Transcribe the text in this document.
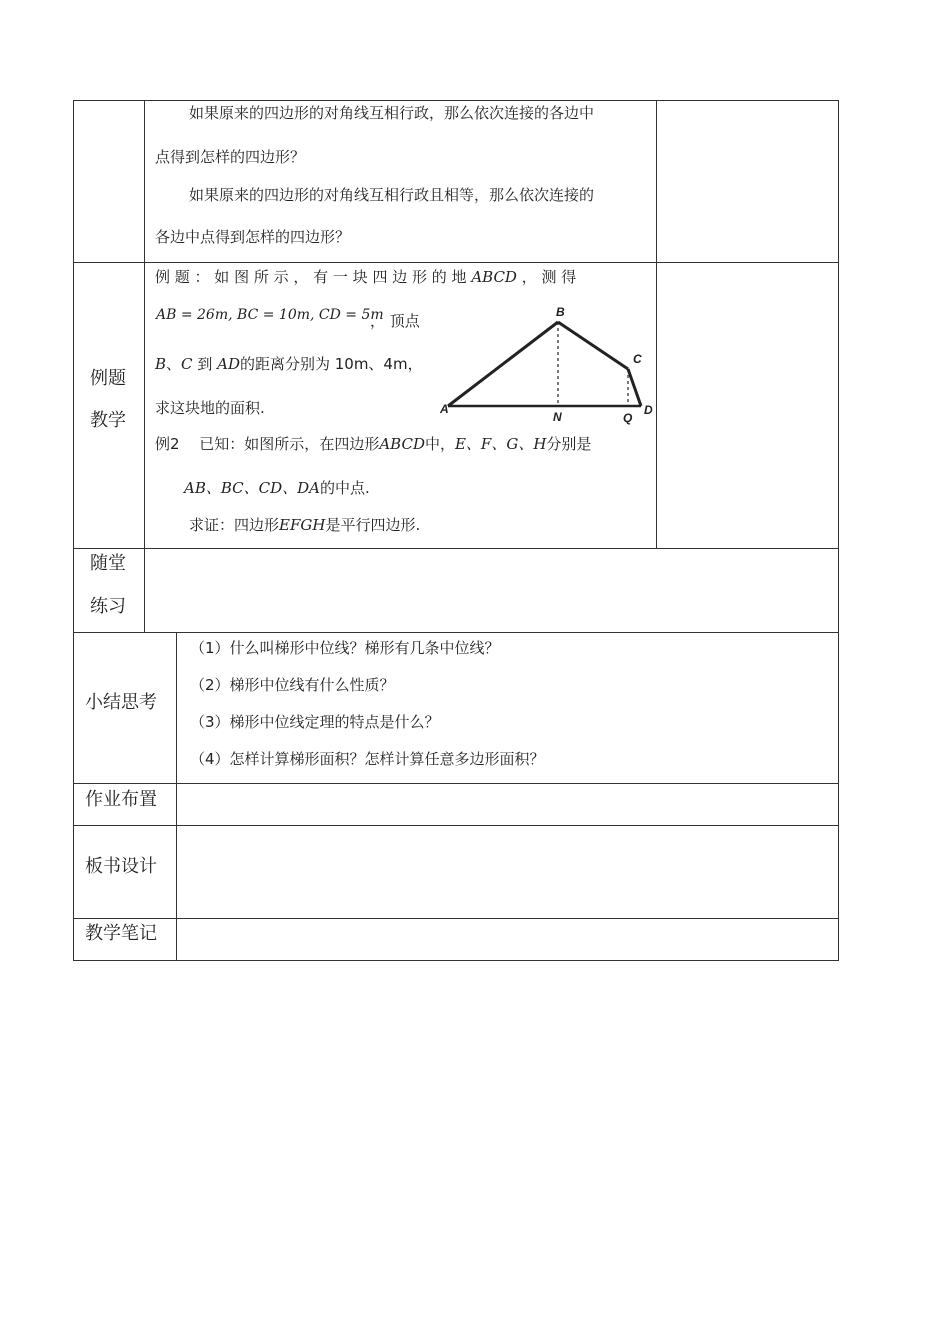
如果原来的四边形的对角线互相行政，那么依次连接的各边中
点得到怎样的四边形？
如果原来的四边形的对角线互相行政且相等，那么依次连接的
各边中点得到怎样的四边形？
例题
教学
例 题 ： 如 图 所 示 ， 有 一 块 四 边 形 的 地 ABCD ， 测 得
AB = 26m, BC = 10m, CD = 5m
， 顶点
B、C 到 AD的距离分别为 10m、4m，
求这块地的面积.	A
B
C
N	Q
D
例2　 已知：如图所示，在四边形ABCD中，E、F、G、H分别是
AB、BC、CD、DA的中点.
求证：四边形EFGH是平行四边形.
随堂
练习
小结思考
（1）什么叫梯形中位线？梯形有几条中位线？
（2）梯形中位线有什么性质？
（3）梯形中位线定理的特点是什么？
（4）怎样计算梯形面积？怎样计算任意多边形面积？
作业布置
板书设计
教学笔记
